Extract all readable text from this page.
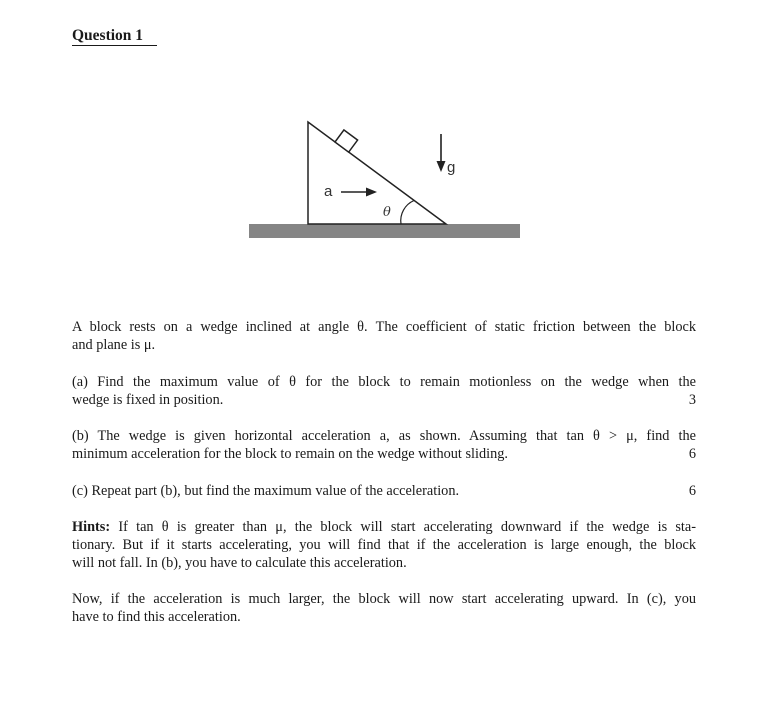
Question 1
θ
a
g
A block rests on a wedge inclined at angle θ. The coefficient of static friction between the block
and plane is μ.
(a) Find the maximum value of θ for the block to remain motionless on the wedge when the
wedge is fixed in position.	3
(b) The wedge is given horizontal acceleration a, as shown. Assuming that tan θ > μ, find the
minimum acceleration for the block to remain on the wedge without sliding.	6
(c) Repeat part (b), but find the maximum value of the acceleration.	6
Hints: If tan θ is greater than μ, the block will start accelerating downward if the wedge is sta-
tionary. But if it starts accelerating, you will find that if the acceleration is large enough, the block
will not fall. In (b), you have to calculate this acceleration.
Now, if the acceleration is much larger, the block will now start accelerating upward. In (c), you
have to find this acceleration.
